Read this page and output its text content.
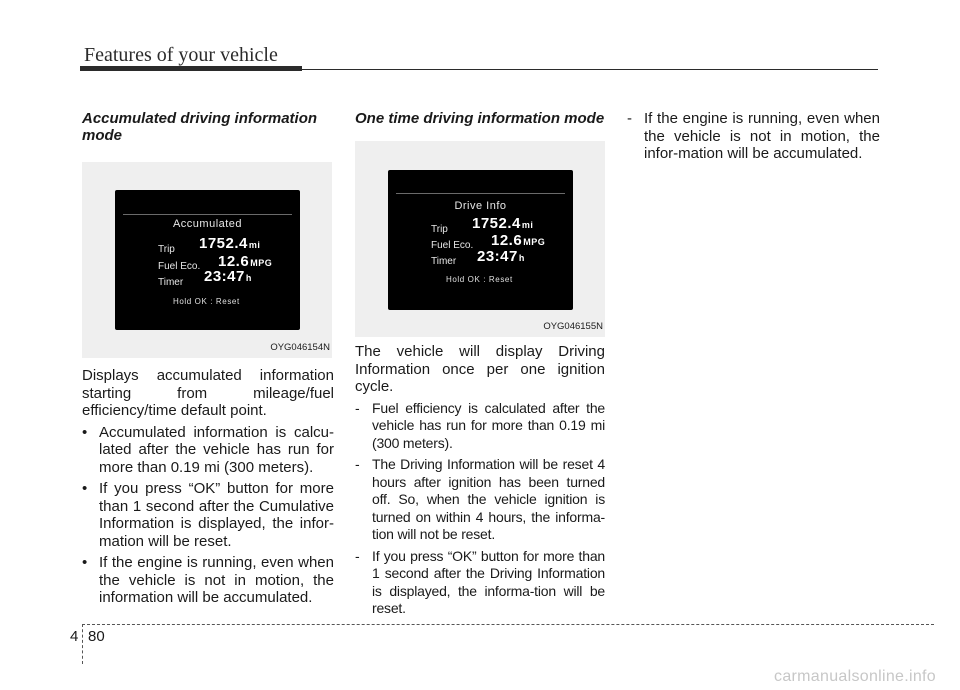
Features of your vehicle
Accumulated driving information mode
Accumulated
Trip 1752.4mi
Fuel Eco. 12.6MPG
Timer 23:47h
Hold OK : Reset
OYG046154N

Displays accumulated information starting from mileage/fuel efficiency/time default point.

• Accumulated information is calcu-lated after the vehicle has run for more than 0.19 mi (300 meters).
• If you press “OK” button for more than 1 second after the Cumulative Information is displayed, the infor-mation will be reset.
• If the engine is running, even when the vehicle is not in motion, the information will be accumulated.
One time driving information mode
Drive Info
Trip 1752.4mi
Fuel Eco. 12.6MPG
Timer 23:47h
Hold OK : Reset
OYG046155N

The vehicle will display Driving Information once per one ignition cycle.

- Fuel efficiency is calculated after the vehicle has run for more than 0.19 mi (300 meters).
- The Driving Information will be reset 4 hours after ignition has been turned off. So, when the vehicle ignition is turned on within 4 hours, the informa-tion will not be reset.
- If you press “OK” button for more than 1 second after the Driving Information is displayed, the informa-tion will be reset.
- If the engine is running, even when the vehicle is not in motion, the infor-mation will be accumulated.
4 80
carmanualsonline.info
